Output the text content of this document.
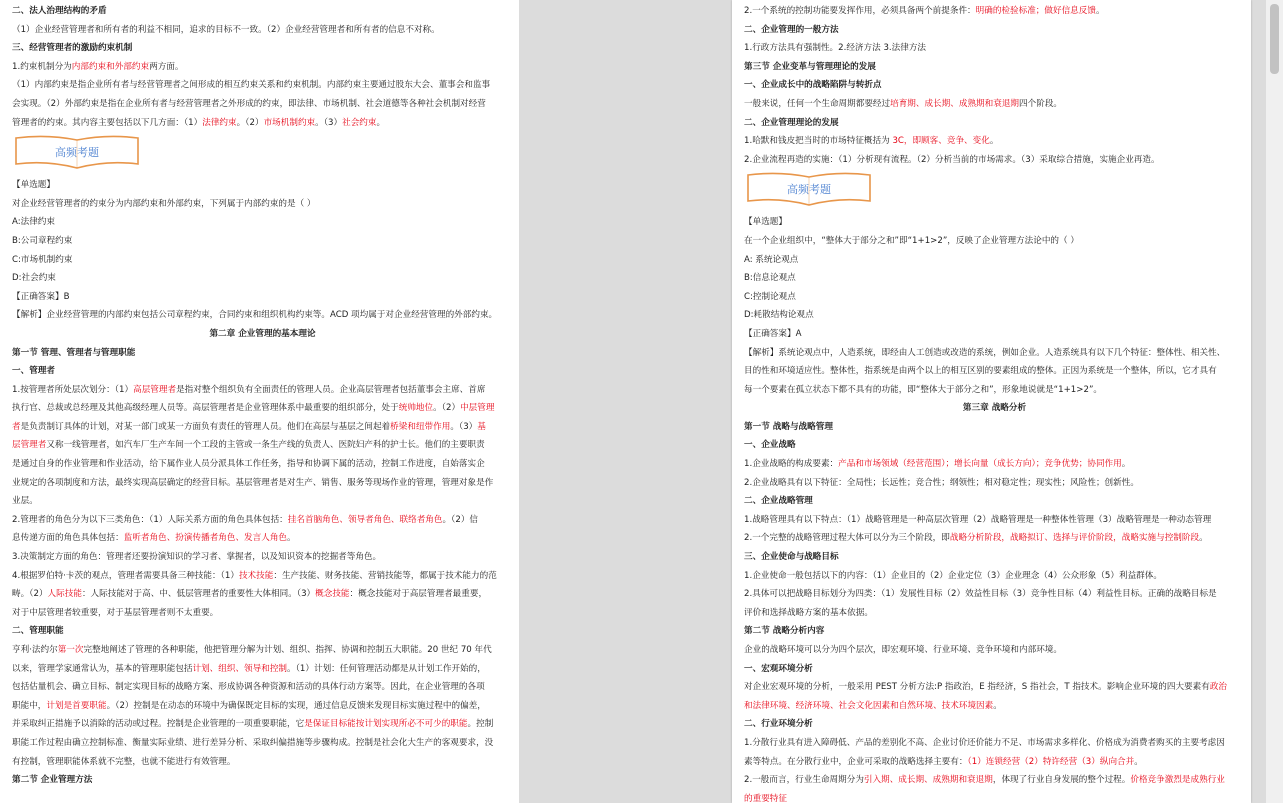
二、法人治理结构的矛盾
（1）企业经营管理者和所有者的利益不相同，追求的目标不一致。（2）企业经营管理者和所有者的信息不对称。
三、经营管理者的激励约束机制
1.约束机制分为内部约束和外部约束两方面。
（1）内部约束是指企业所有者与经营管理者之间形成的相互约束关系和约束机制。内部约束主要通过股东大会、董事会和监事
会实现。（2）外部约束是指在企业所有者与经营管理者之外形成的约束，即法律、市场机制、社会道德等各种社会机制对经营
管理者的约束。其内容主要包括以下几方面：（1）法律约束。（2）市场机制约束。（3）社会约束。
高频考题
【单选题】
对企业经营管理者的约束分为内部约束和外部约束，下列属于内部约束的是（ ）
A:法律约束
B:公司章程约束
C:市场机制约束
D:社会约束
【正确答案】B
【解析】企业经营管理的内部约束包括公司章程约束，合同约束和组织机构约束等。ACD 项均属于对企业经营管理的外部约束。
第二章 企业管理的基本理论
第一节 管理、管理者与管理职能
一、管理者
1.按管理者所处层次划分：（1）高层管理者是指对整个组织负有全面责任的管理人员。企业高层管理者包括董事会主席、首席
执行官、总裁或总经理及其他高级经理人员等。高层管理者是企业管理体系中最重要的组织部分，处于统帅地位。（2）中层管理
者是负责制订具体的计划，对某一部门或某一方面负有责任的管理人员。他们在高层与基层之间起着桥梁和纽带作用。（3）基
层管理者又称一线管理者，如汽车厂生产车间一个工段的主管或一条生产线的负责人、医院妇产科的护士长。他们的主要职责
是通过自身的作业管理和作业活动，给下属作业人员分派具体工作任务，指导和协调下属的活动，控制工作进度，自始落实企
业规定的各项制度和方法，最终实现高层确定的经营目标。基层管理者是对生产、销售、服务等现场作业的管理，管理对象是作
业层。
2.管理者的角色分为以下三类角色：（1）人际关系方面的角色具体包括：挂名首脑角色、领导者角色、联络者角色。（2）信
息传递方面的角色具体包括：监听者角色、扮演传播者角色、发言人角色。
3.决策制定方面的角色：管理者还要扮演知识的学习者、掌握者，以及知识资本的挖掘者等角色。
4.根据罗伯特·卡茨的观点，管理者需要具备三种技能：（1）技术技能：生产技能、财务技能、营销技能等，都属于技术能力的范
畴。（2）人际技能：人际技能对于高、中、低层管理者的重要性大体相同。（3）概念技能：概念技能对于高层管理者最重要，
对于中层管理者较重要，对于基层管理者则不太重要。
二、管理职能
亨利·法约尔第一次完整地阐述了管理的各种职能，他把管理分解为计划、组织、指挥、协调和控制五大职能。20 世纪 70 年代
以来，管理学家通常认为，基本的管理职能包括计划、组织、领导和控制。（1）计划：任何管理活动都是从计划工作开始的，
包括估量机会、确立目标、制定实现目标的战略方案、形成协调各种资源和活动的具体行动方案等。因此，在企业管理的各项
职能中，计划是首要职能。（2）控制是在动态的环境中为确保既定目标的实现，通过信息反馈来发现目标实施过程中的偏差，
并采取纠正措施予以消除的活动或过程。控制是企业管理的一项重要职能，它是保证目标能按计划实现所必不可少的职能。控制
职能工作过程由确立控制标准、衡量实际业绩、进行差异分析、采取纠偏措施等步骤构成。控制是社会化大生产的客观要求，没
有控制，管理职能体系就不完整，也就不能进行有效管理。
第二节 企业管理方法
2.一个系统的控制功能要发挥作用，必须具备两个前提条件：明确的检验标准；做好信息反馈。
二、企业管理的一般方法
1.行政方法具有强制性。2.经济方法 3.法律方法
第三节 企业变革与管理理论的发展
一、企业成长中的战略陷阱与转折点
一般来说，任何一个生命周期都要经过培育期、成长期、成熟期和衰退期四个阶段。
二、企业管理理论的发展
1.哈默和钱皮把当时的市场特征概括为 3C，即顾客、竞争、变化。
2.企业流程再造的实施：（1）分析现有流程。（2）分析当前的市场需求。（3）采取综合措施，实施企业再造。
高频考题
【单选题】
在一个企业组织中，“整体大于部分之和”即“1+1>2”，反映了企业管理方法论中的（ ）
A: 系统论观点
B:信息论观点
C:控制论观点
D:耗散结构论观点
【正确答案】A
【解析】系统论观点中，人造系统，即经由人工创造或改造的系统，例如企业。人造系统具有以下几个特征：整体性、相关性、
目的性和环境适应性。整体性，指系统是由两个以上的相互区别的要素组成的整体。正因为系统是一个整体，所以，它才具有
每一个要素在孤立状态下都不具有的功能，即“整体大于部分之和”，形象地说就是“1+1>2”。
第三章 战略分析
第一节 战略与战略管理
一、企业战略
1.企业战略的构成要素：产品和市场领域（经营范围）；增长向量（成长方向）；竞争优势；协同作用。
2.企业战略具有以下特征：全局性；长远性；竞合性；纲领性；相对稳定性；现实性；风险性；创新性。
二、企业战略管理
1.战略管理具有以下特点：（1）战略管理是一种高层次管理（2）战略管理是一种整体性管理（3）战略管理是一种动态管理
2.一个完整的战略管理过程大体可以分为三个阶段，即战略分析阶段，战略拟订、选择与评价阶段，战略实施与控制阶段。
三、企业使命与战略目标
1.企业使命一般包括以下的内容：（1）企业目的（2）企业定位（3）企业理念（4）公众形象（5）利益群体。
2.具体可以把战略目标划分为四类：（1）发展性目标（2）效益性目标（3）竞争性目标（4）利益性目标。正确的战略目标是
评价和选择战略方案的基本依据。
第二节 战略分析内容
企业的战略环境可以分为四个层次，即宏观环境、行业环境、竞争环境和内部环境。
一、宏观环境分析
对企业宏观环境的分析，一般采用 PEST 分析方法:P 指政治，E 指经济，S 指社会，T 指技术。影响企业环境的四大要素有政治
和法律环境、经济环境、社会文化因素和自然环境、技术环境因素。
二、行业环境分析
1.分散行业具有进入障碍低、产品的差别化不高、企业讨价还价能力不足、市场需求多样化、价格成为消费者购买的主要考虑因
素等特点。在分散行业中，企业可采取的战略选择主要有：（1）连锁经营（2）特许经营（3）纵向合并。
2.一般而言，行业生命周期分为引入期、成长期、成熟期和衰退期，体现了行业自身发展的整个过程。价格竞争激烈是成熟行业
的重要特征
